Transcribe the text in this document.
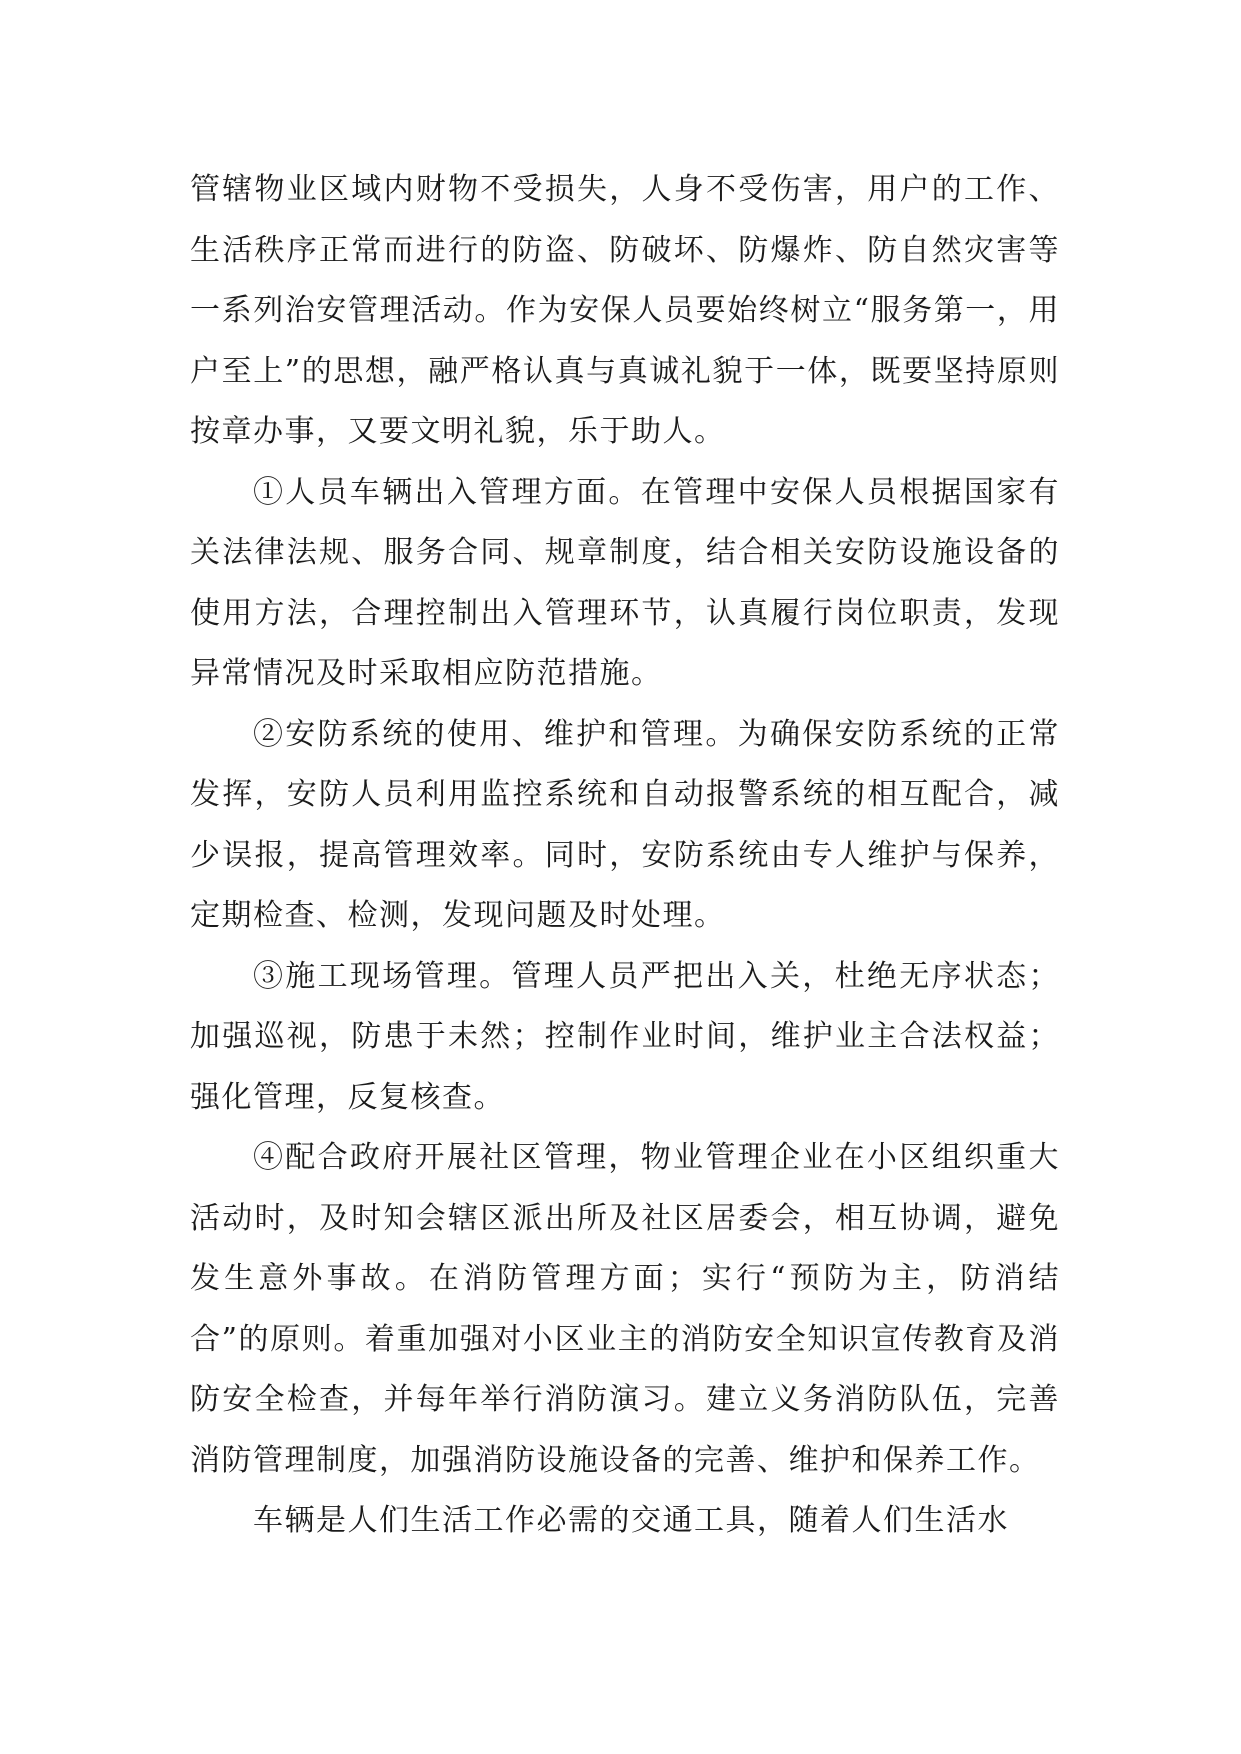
管辖物业区域内财物不受损失，人身不受伤害，用户的工作、生活秩序正常而进行的防盗、防破坏、防爆炸、防自然灾害等一系列治安管理活动。作为安保人员要始终树立“服务第一，用户至上”的思想，融严格认真与真诚礼貌于一体，既要坚持原则按章办事，又要文明礼貌，乐于助人。

①人员车辆出入管理方面。在管理中安保人员根据国家有关法律法规、服务合同、规章制度，结合相关安防设施设备的使用方法，合理控制出入管理环节，认真履行岗位职责，发现异常情况及时采取相应防范措施。

②安防系统的使用、维护和管理。为确保安防系统的正常发挥，安防人员利用监控系统和自动报警系统的相互配合，减少误报，提高管理效率。同时，安防系统由专人维护与保养，定期检查、检测，发现问题及时处理。

③施工现场管理。管理人员严把出入关，杜绝无序状态；加强巡视，防患于未然；控制作业时间，维护业主合法权益；强化管理，反复核查。

④配合政府开展社区管理，物业管理企业在小区组织重大活动时，及时知会辖区派出所及社区居委会，相互协调，避免发生意外事故。在消防管理方面；实行“预防为主，防消结合”的原则。着重加强对小区业主的消防安全知识宣传教育及消防安全检查，并每年举行消防演习。建立义务消防队伍，完善消防管理制度，加强消防设施设备的完善、维护和保养工作。

车辆是人们生活工作必需的交通工具，随着人们生活水
